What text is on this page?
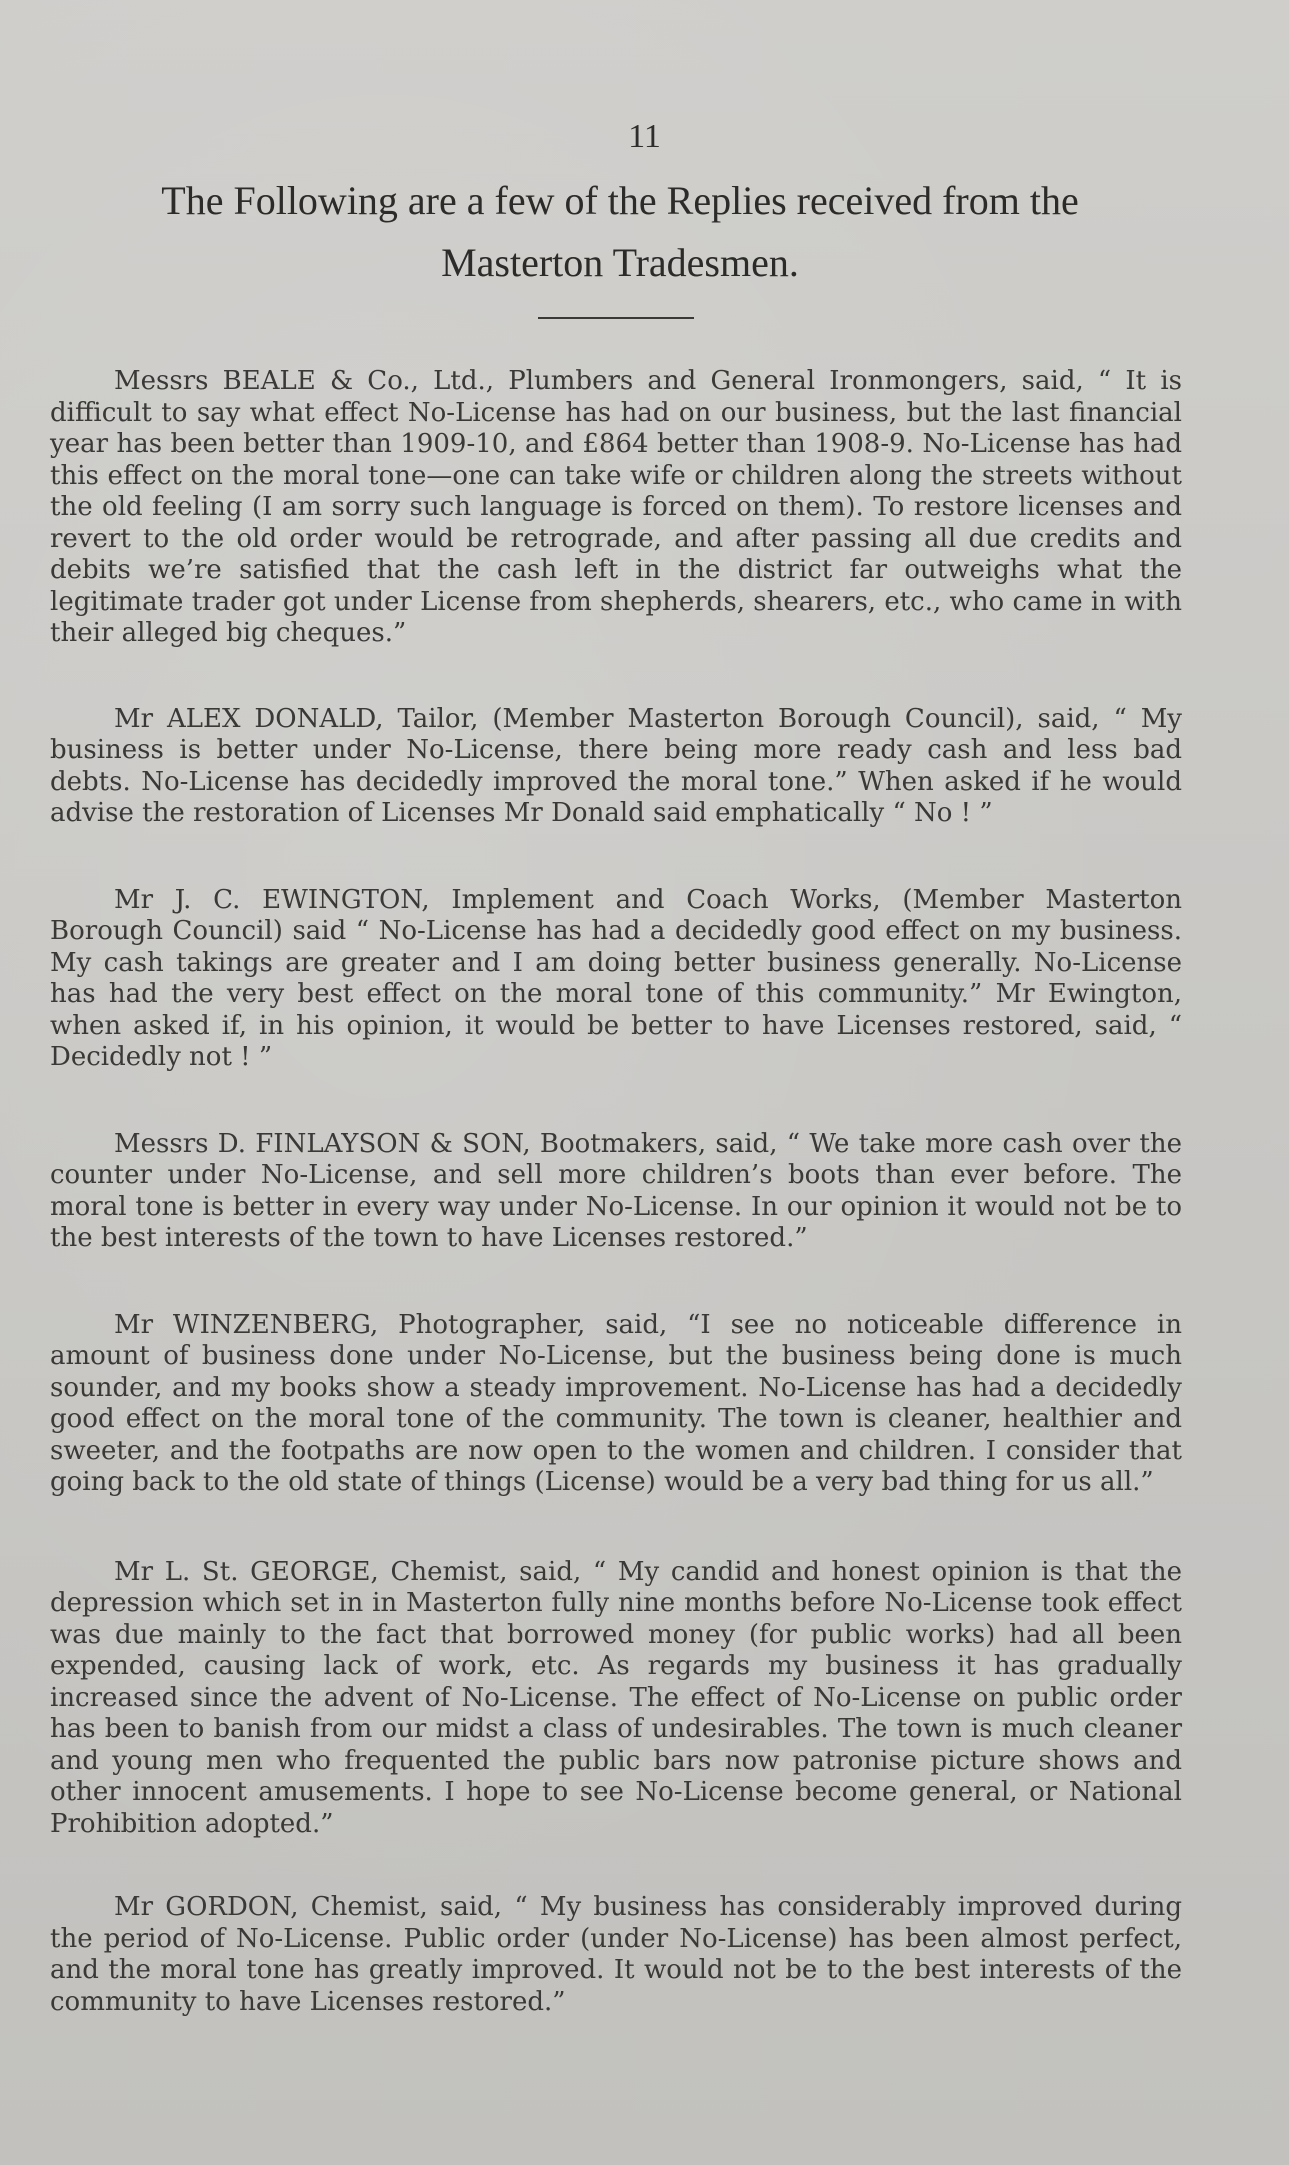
11

The Following are a few of the Replies received from the Masterton Tradesmen.

Messrs BEALE & Co., Ltd., Plumbers and General Ironmongers, said, “ It is difficult to say what effect No-License has had on our business, but the last financial year has been better than 1909-10, and £864 better than 1908-9. No-License has had this effect on the moral tone—one can take wife or children along the streets without the old feeling (I am sorry such language is forced on them). To restore licenses and revert to the old order would be retrograde, and after passing all due credits and debits we’re satisfied that the cash left in the district far outweighs what the legitimate trader got under License from shepherds, shearers, etc., who came in with their alleged big cheques.”

Mr ALEX DONALD, Tailor, (Member Masterton Borough Council), said, “ My business is better under No-License, there being more ready cash and less bad debts. No-License has decidedly improved the moral tone.” When asked if he would advise the restoration of Licenses Mr Donald said emphatically “ No ! ”

Mr J. C. EWINGTON, Implement and Coach Works, (Member Masterton Borough Council) said “ No-License has had a decidedly good effect on my business. My cash takings are greater and I am doing better business generally. No-License has had the very best effect on the moral tone of this community.” Mr Ewington, when asked if, in his opinion, it would be better to have Licenses restored, said, “ Decidedly not ! ”

Messrs D. FINLAYSON & SON, Bootmakers, said, “ We take more cash over the counter under No-License, and sell more children’s boots than ever before. The moral tone is better in every way under No-License. In our opinion it would not be to the best interests of the town to have Licenses restored.”

Mr WINZENBERG, Photographer, said, “I see no noticeable difference in amount of business done under No-License, but the business being done is much sounder, and my books show a steady improvement. No-License has had a decidedly good effect on the moral tone of the community. The town is cleaner, healthier and sweeter, and the footpaths are now open to the women and children. I consider that going back to the old state of things (License) would be a very bad thing for us all.”

Mr L. St. GEORGE, Chemist, said, “ My candid and honest opinion is that the depression which set in in Masterton fully nine months before No-License took effect was due mainly to the fact that borrowed money (for public works) had all been expended, causing lack of work, etc. As regards my business it has gradually increased since the advent of No-License. The effect of No-License on public order has been to banish from our midst a class of undesirables. The town is much cleaner and young men who frequented the public bars now patronise picture shows and other innocent amusements. I hope to see No-License become general, or National Prohibition adopted.”

Mr GORDON, Chemist, said, “ My business has considerably improved during the period of No-License. Public order (under No-License) has been almost perfect, and the moral tone has greatly improved. It would not be to the best interests of the community to have Licenses restored.”
